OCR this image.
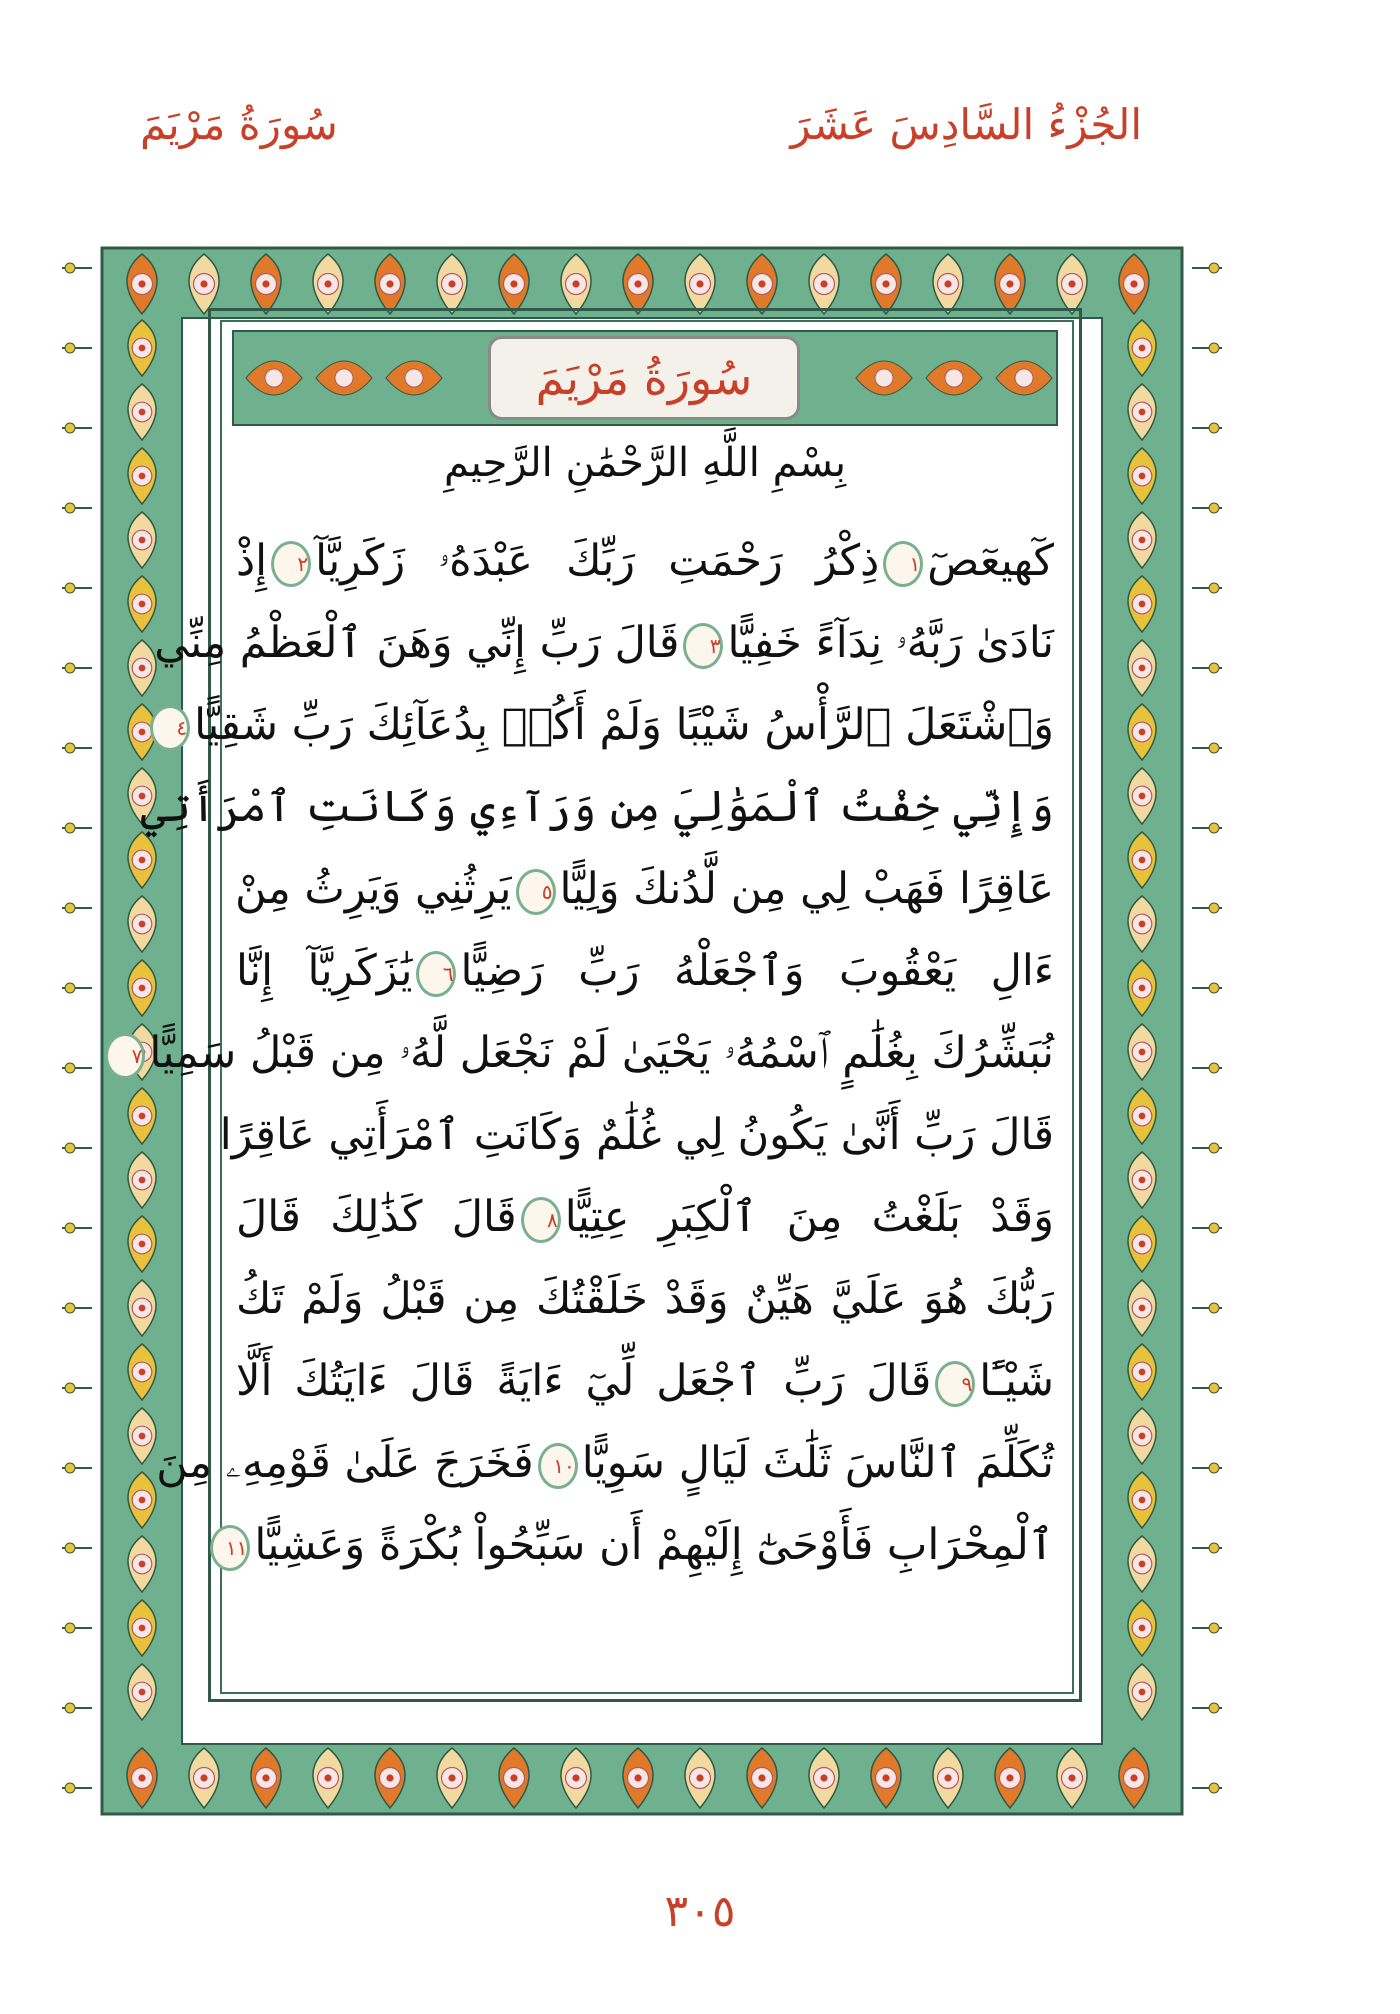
الجُزْءُ السَّادِسَ عَشَرَ
سُورَةُ مَرْيَمَ
سُورَةُ مَرْيَمَ
بِسْمِ اللَّهِ الرَّحْمَٰنِ الرَّحِيمِ
كٓهيعٓصٓ١ذِكْرُ رَحْمَتِ رَبِّكَ عَبْدَهُۥ زَكَرِيَّآ٢إِذْ
نَادَىٰ رَبَّهُۥ نِدَآءً خَفِيًّا٣قَالَ رَبِّ إِنِّي وَهَنَ ٱلْعَظْمُ مِنِّي
وَٱشْتَعَلَ ٱلرَّأْسُ شَيْبًا وَلَمْ أَكُنۢ بِدُعَآئِكَ رَبِّ شَقِيًّا٤
وَإِنِّي خِفْتُ ٱلْمَوَٰلِيَ مِن وَرَآءِي وَكَانَتِ ٱمْرَأَتِي
عَاقِرًا فَهَبْ لِي مِن لَّدُنكَ وَلِيًّا٥يَرِثُنِي وَيَرِثُ مِنْ
ءَالِ يَعْقُوبَ وَٱجْعَلْهُ رَبِّ رَضِيًّا٦يَٰزَكَرِيَّآ إِنَّا
نُبَشِّرُكَ بِغُلَٰمٍ ٱسْمُهُۥ يَحْيَىٰ لَمْ نَجْعَل لَّهُۥ مِن قَبْلُ سَمِيًّا٧
قَالَ رَبِّ أَنَّىٰ يَكُونُ لِي غُلَٰمٌ وَكَانَتِ ٱمْرَأَتِي عَاقِرًا
وَقَدْ بَلَغْتُ مِنَ ٱلْكِبَرِ عِتِيًّا٨قَالَ كَذَٰلِكَ قَالَ
رَبُّكَ هُوَ عَلَيَّ هَيِّنٌ وَقَدْ خَلَقْتُكَ مِن قَبْلُ وَلَمْ تَكُ
شَيْـًٔا٩قَالَ رَبِّ ٱجْعَل لِّيٓ ءَايَةً قَالَ ءَايَتُكَ أَلَّا
تُكَلِّمَ ٱلنَّاسَ ثَلَٰثَ لَيَالٍ سَوِيًّا١٠فَخَرَجَ عَلَىٰ قَوْمِهِۦ مِنَ
ٱلْمِحْرَابِ فَأَوْحَىٰٓ إِلَيْهِمْ أَن سَبِّحُواْ بُكْرَةً وَعَشِيًّا١١
٣٠٥
